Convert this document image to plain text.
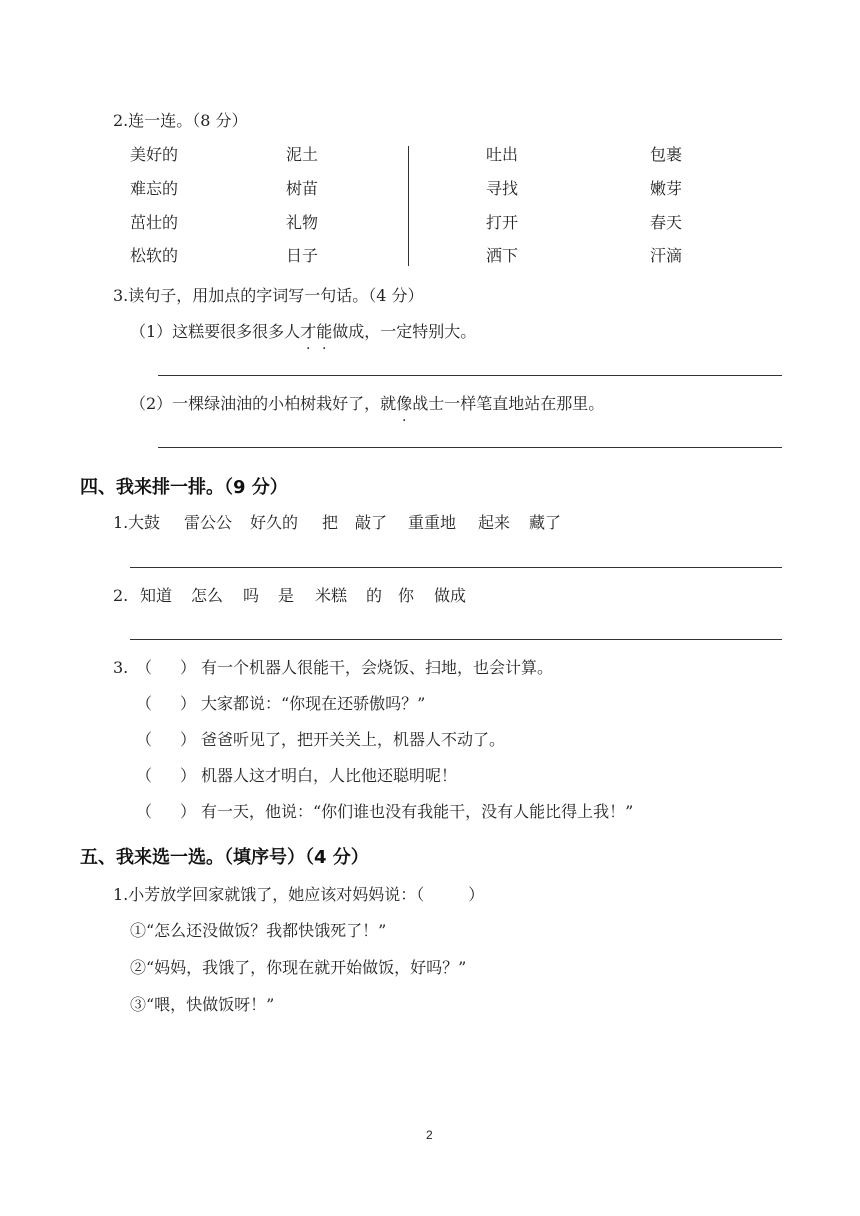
2.连一连。（8 分）
美好的
难忘的
茁壮的
松软的
泥土
树苗
礼物
日子
吐出
寻找
打开
洒下
包裹
嫩芽
春天
汗滴
3.读句子，用加点的字词写一句话。（4 分）
（1）这糕要很多很多人才能做成，一定特别大。
（2）一棵绿油油的小柏树栽好了，就像战士一样笔直地站在那里。
四、我来排一排。（9 分）
1. 大鼓 雷公公 好久的 把 敲了 重重地 起来 藏了
2. 知道 怎么 吗 是 米糕 的 你 做成
3. （ ） 有一个机器人很能干，会烧饭、扫地，也会计算。
（ ） 大家都说：“你现在还骄傲吗？”
（ ） 爸爸听见了，把开关关上，机器人不动了。
（ ） 机器人这才明白，人比他还聪明呢！
（ ） 有一天，他说：“你们谁也没有我能干，没有人能比得上我！”
五、我来选一选。（填序号）（4 分）
1.小芳放学回家就饿了，她应该对妈妈说：（	）
①“怎么还没做饭？我都快饿死了！”
②“妈妈，我饿了，你现在就开始做饭，好吗？”
③“喂，快做饭呀！”
2
